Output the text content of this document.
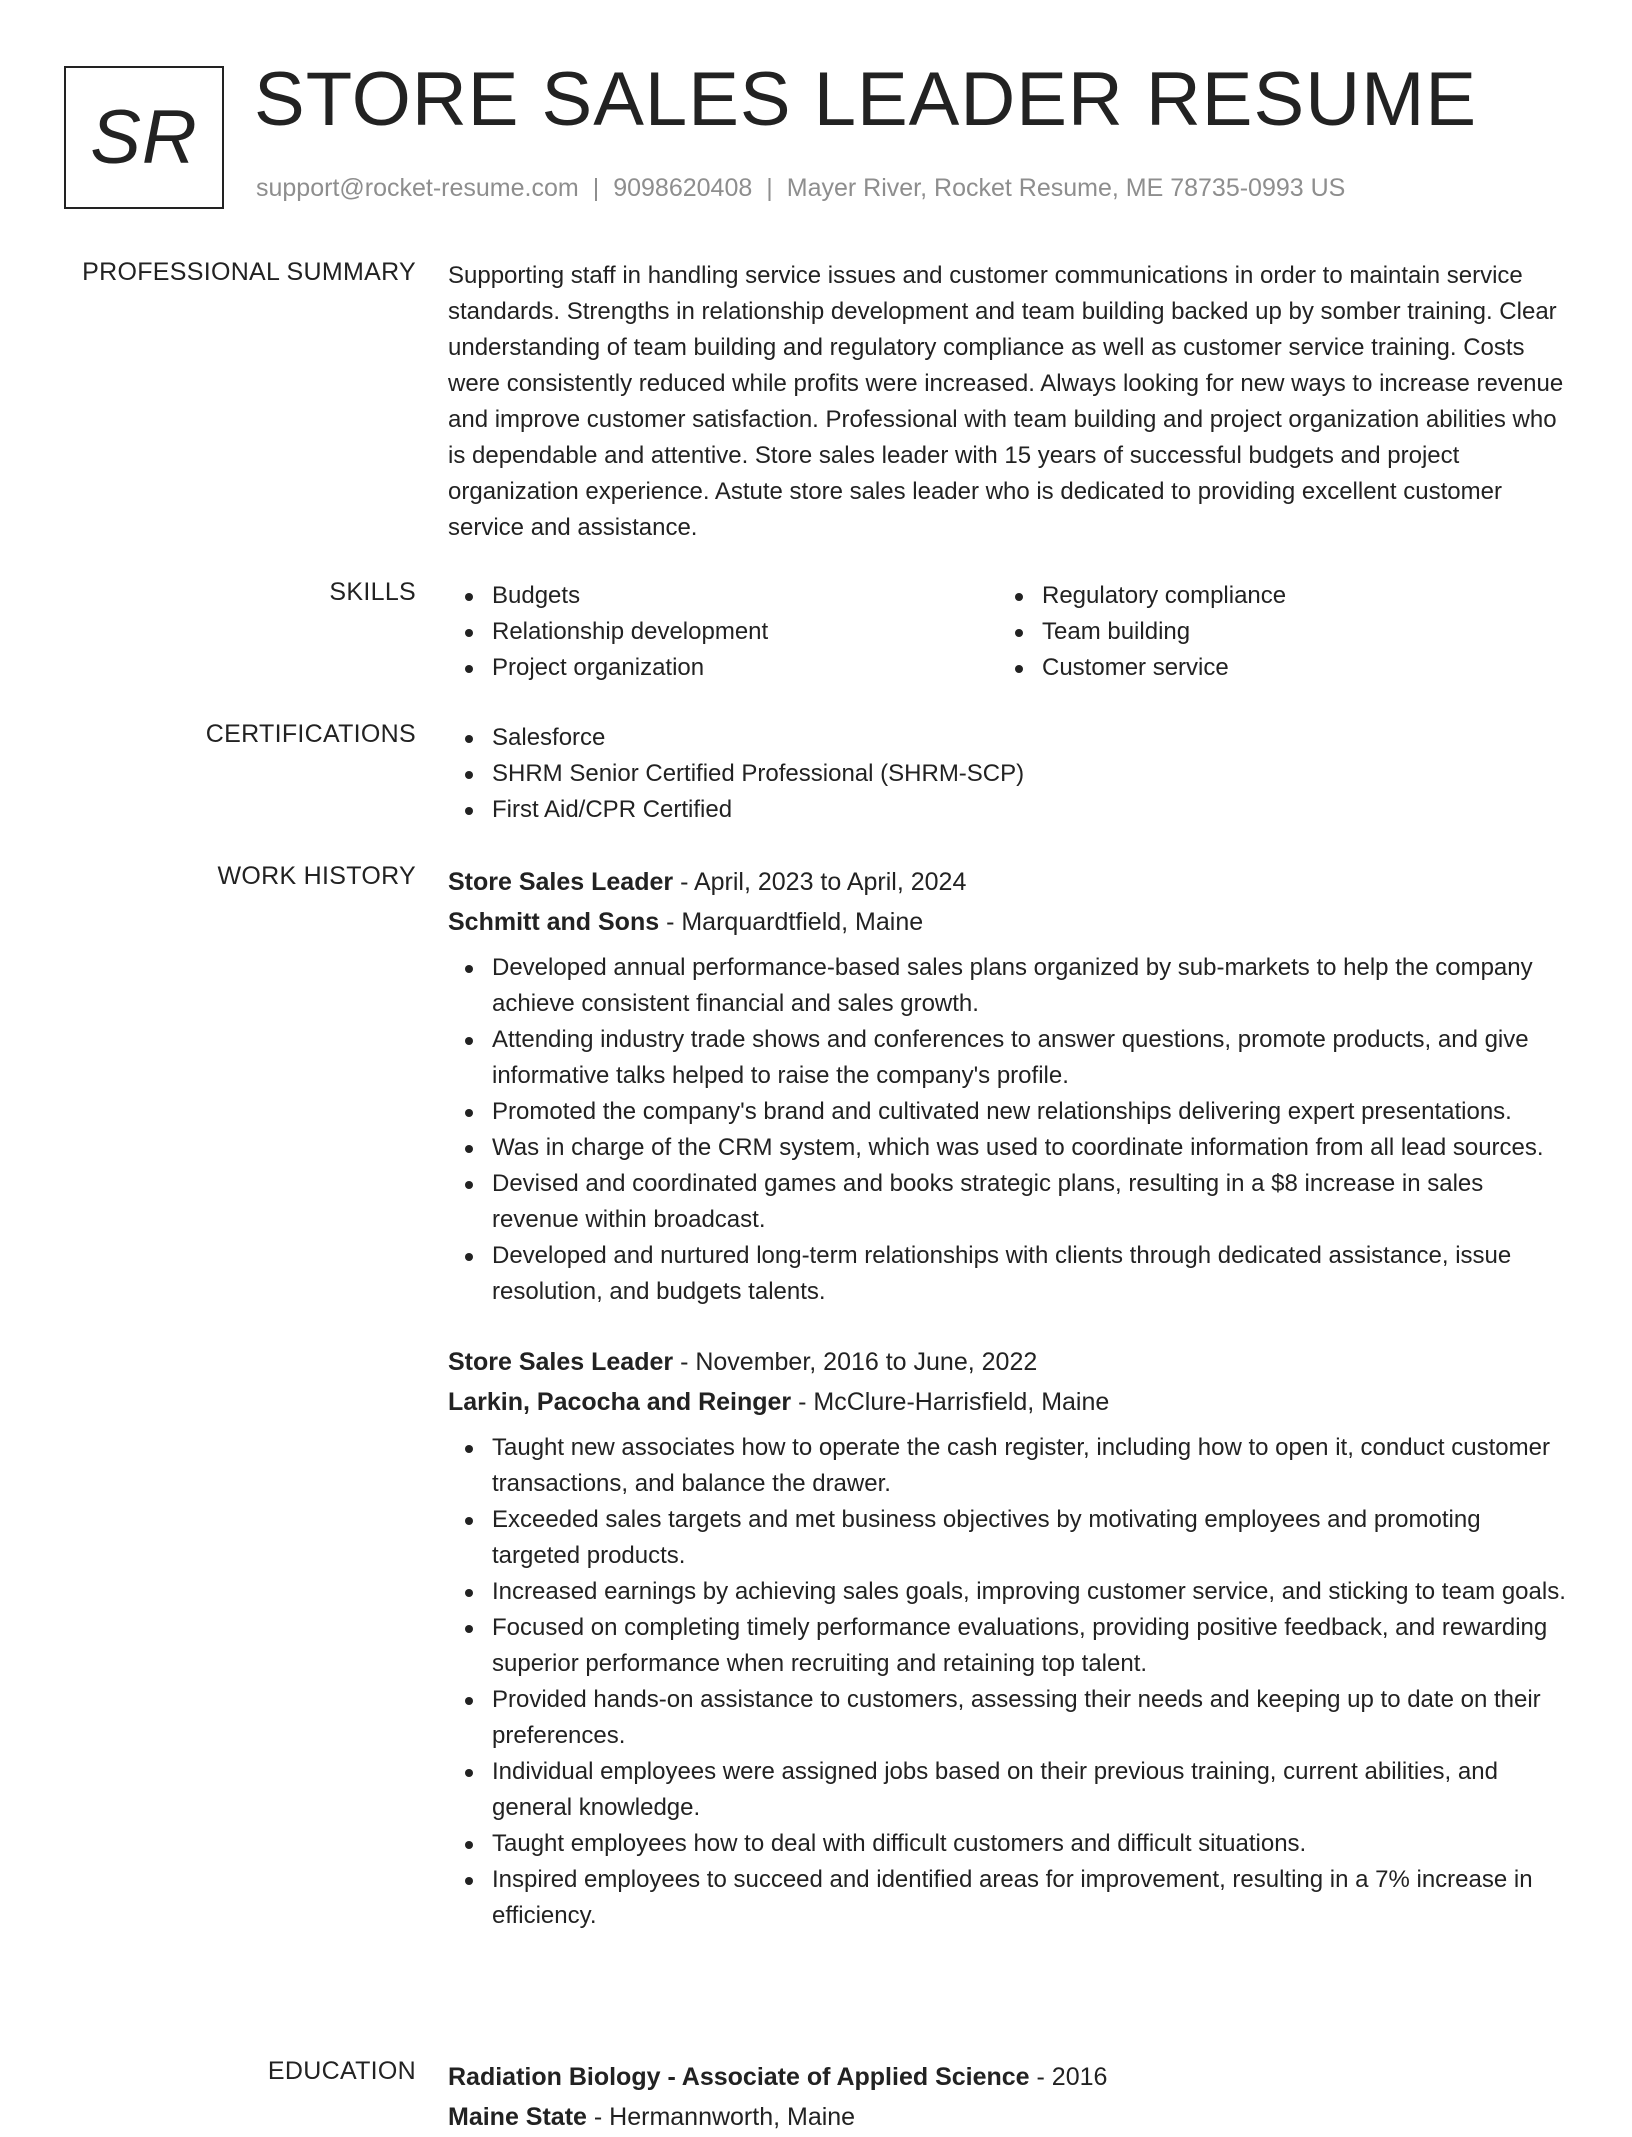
SR STORE SALES LEADER RESUME
support@rocket-resume.com | 9098620408 | Mayer River, Rocket Resume, ME 78735-0993 US
PROFESSIONAL SUMMARY Supporting staff in handling service issues and customer communications in order to maintain service standards. Strengths in relationship development and team building backed up by somber training. Clear understanding of team building and regulatory compliance as well as customer service training. Costs were consistently reduced while profits were increased. Always looking for new ways to increase revenue and improve customer satisfaction. Professional with team building and project organization abilities who is dependable and attentive. Store sales leader with 15 years of successful budgets and project organization experience. Astute store sales leader who is dedicated to providing excellent customer service and assistance.

SKILLS	Budgets	Regulatory compliance
Relationship development	Team building
Project organization	Customer service
CERTIFICATIONS	Salesforce
SHRM Senior Certified Professional (SHRM-SCP)
First Aid/CPR Certified
WORK HISTORY Store Sales Leader - April, 2023 to April, 2024
Schmitt and Sons - Marquardtfield, Maine
Developed annual performance-based sales plans organized by sub-markets to help the company achieve consistent financial and sales growth.
Attending industry trade shows and conferences to answer questions, promote products, and give informative talks helped to raise the company's profile.
Promoted the company's brand and cultivated new relationships delivering expert presentations.
Was in charge of the CRM system, which was used to coordinate information from all lead sources.
Devised and coordinated games and books strategic plans, resulting in a $8 increase in sales revenue within broadcast.
Developed and nurtured long-term relationships with clients through dedicated assistance, issue resolution, and budgets talents.
Store Sales Leader - November, 2016 to June, 2022
Larkin, Pacocha and Reinger - McClure-Harrisfield, Maine
Taught new associates how to operate the cash register, including how to open it, conduct customer transactions, and balance the drawer.
Exceeded sales targets and met business objectives by motivating employees and promoting targeted products.
Increased earnings by achieving sales goals, improving customer service, and sticking to team goals.
Focused on completing timely performance evaluations, providing positive feedback, and rewarding superior performance when recruiting and retaining top talent.
Provided hands-on assistance to customers, assessing their needs and keeping up to date on their preferences.
Individual employees were assigned jobs based on their previous training, current abilities, and general knowledge.
Taught employees how to deal with difficult customers and difficult situations.
Inspired employees to succeed and identified areas for improvement, resulting in a 7% increase in efficiency.
EDUCATION Radiation Biology - Associate of Applied Science - 2016
Maine State - Hermannworth, Maine
